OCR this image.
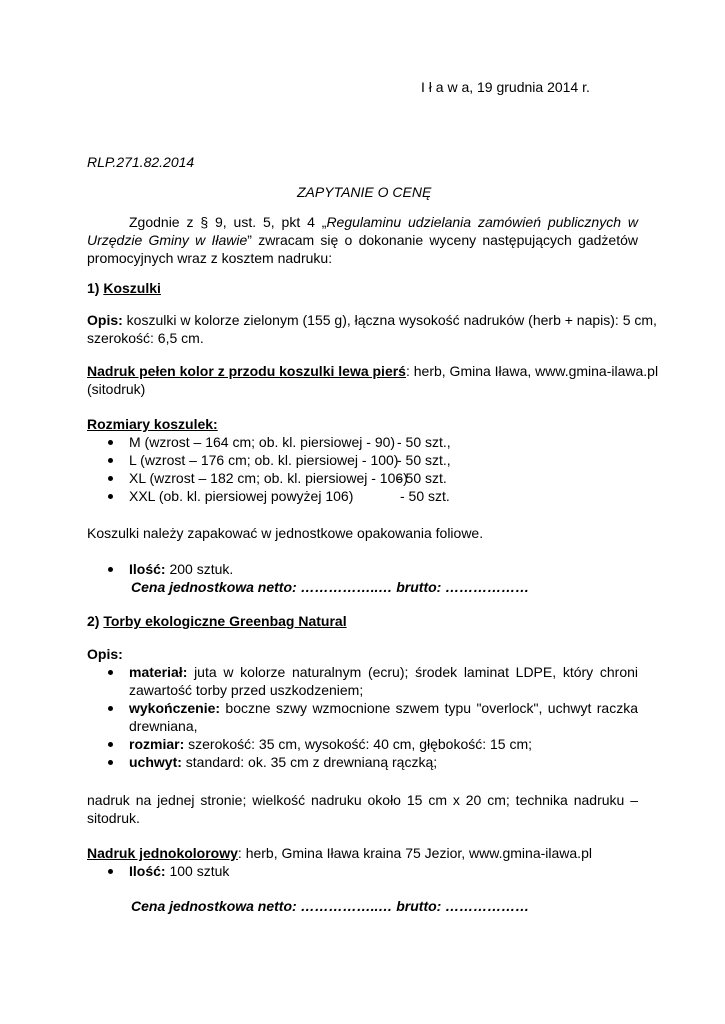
I ł a w a, 19 grudnia 2014 r.
RLP.271.82.2014
ZAPYTANIE O CENĘ
Zgodnie z § 9, ust. 5, pkt 4 „Regulaminu udzielania zamówień publicznych w
Urzędzie Gminy w Iławie” zwracam się o dokonanie wyceny następujących gadżetów
promocyjnych wraz z kosztem nadruku:
1) Koszulki
Opis: koszulki w kolorze zielonym (155 g), łączna wysokość nadruków (herb + napis): 5 cm,
szerokość: 6,5 cm.
Nadruk pełen kolor z przodu koszulki lewa pierś: herb, Gmina Iława, www.gmina-ilawa.pl
(sitodruk)
Rozmiary koszulek:
M (wzrost – 164 cm; ob. kl. piersiowej - 90) - 50 szt.,
L (wzrost – 176 cm; ob. kl. piersiowej - 100)
- 50 szt.,
XL (wzrost – 182 cm; ob. kl. piersiowej - 106)
- 50 szt.
XXL (ob. kl. piersiowej powyżej 106)	- 50 szt.
Koszulki należy zapakować w jednostkowe opakowania foliowe.
Ilość: 200 sztuk.
Cena jednostkowa netto: ……………..… brutto: ………………
2) Torby ekologiczne Greenbag Natural
Opis:
materiał: juta w kolorze naturalnym (ecru); środek laminat LDPE, który chroni
zawartość torby przed uszkodzeniem;
wykończenie: boczne szwy wzmocnione szwem typu "overlock", uchwyt raczka
drewniana,
rozmiar: szerokość: 35 cm, wysokość: 40 cm, głębokość: 15 cm;
uchwyt: standard: ok. 35 cm z drewnianą rączką;
nadruk na jednej stronie; wielkość nadruku około 15 cm x 20 cm; technika nadruku –
sitodruk.
Nadruk jednokolorowy: herb, Gmina Iława kraina 75 Jezior, www.gmina-ilawa.pl
Ilość: 100 sztuk
Cena jednostkowa netto: ……………..… brutto: ………………
